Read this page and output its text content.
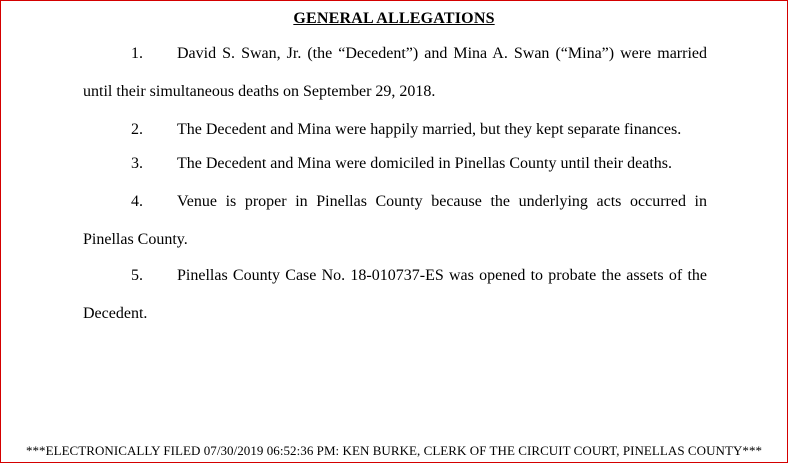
GENERAL ALLEGATIONS
1. David S. Swan, Jr. (the “Decedent”) and Mina A. Swan (“Mina”) were married
until their simultaneous deaths on September 29, 2018.
2. The Decedent and Mina were happily married, but they kept separate finances.
3. The Decedent and Mina were domiciled in Pinellas County until their deaths.
4. Venue is proper in Pinellas County because the underlying acts occurred in
Pinellas County.
5. Pinellas County Case No. 18-010737-ES was opened to probate the assets of the
Decedent.
***ELECTRONICALLY FILED 07/30/2019 06:52:36 PM: KEN BURKE, CLERK OF THE CIRCUIT COURT, PINELLAS COUNTY***
